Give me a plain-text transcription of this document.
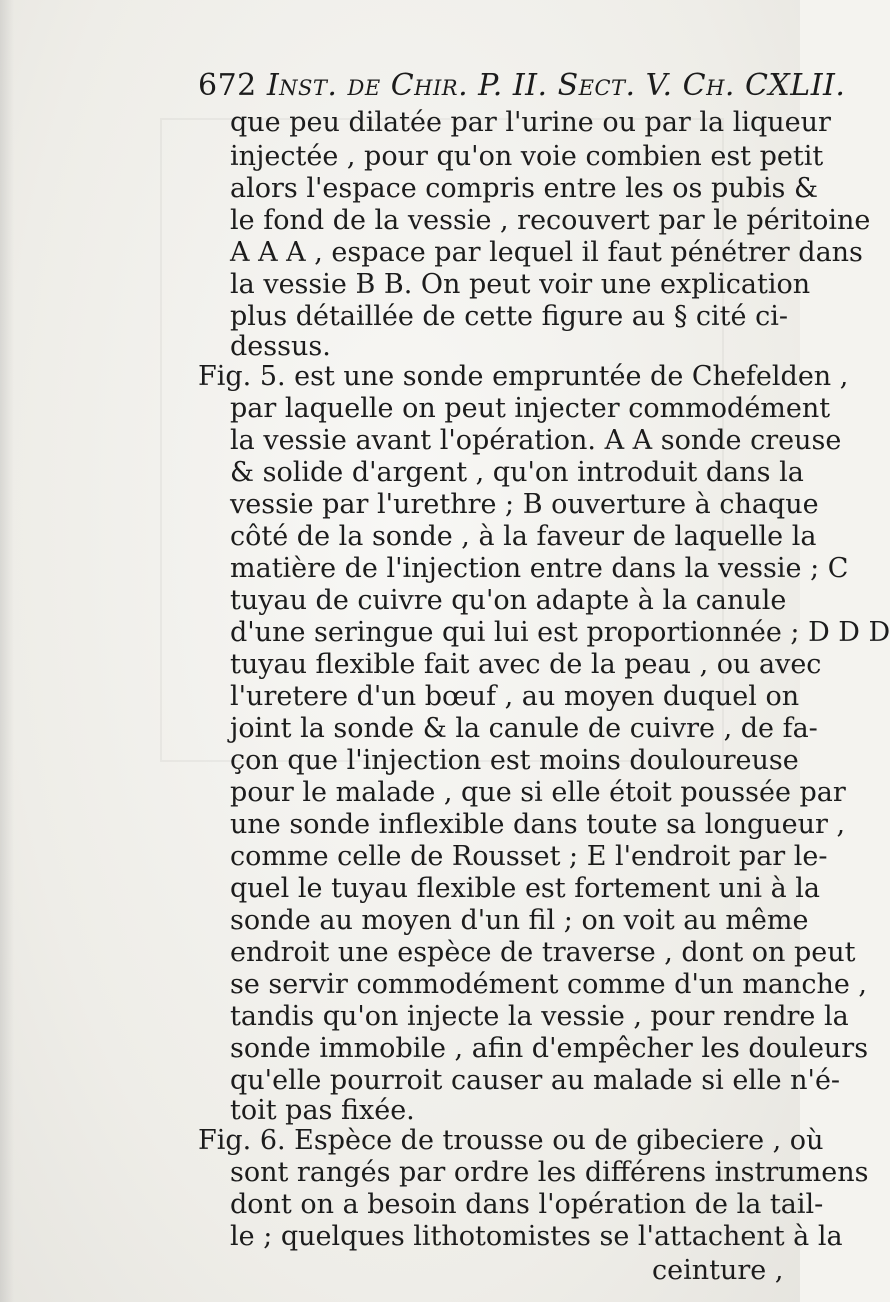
672 Inst. de Chir. P. II. Sect. V. Ch. CXLII.
que peu dilatée par l'urine ou par la liqueur
injectée , pour qu'on voie combien est petit
alors l'espace compris entre les os pubis &
le fond de la vessie , recouvert par le péritoine
A A A , espace par lequel il faut pénétrer dans
la vessie B B. On peut voir une explication
plus détaillée de cette figure au § cité ci-
dessus.
Fig. 5. est une sonde empruntée de Chefelden ,
par laquelle on peut injecter commodément
la vessie avant l'opération. A A sonde creuse
& solide d'argent , qu'on introduit dans la
vessie par l'urethre ; B ouverture à chaque
côté de la sonde , à la faveur de laquelle la
matière de l'injection entre dans la vessie ; C
tuyau de cuivre qu'on adapte à la canule
d'une seringue qui lui est proportionnée ; D D D
tuyau flexible fait avec de la peau , ou avec
l'uretere d'un bœuf , au moyen duquel on
joint la sonde & la canule de cuivre , de fa-
çon que l'injection est moins douloureuse
pour le malade , que si elle étoit poussée par
une sonde inflexible dans toute sa longueur ,
comme celle de Rousset ; E l'endroit par le-
quel le tuyau flexible est fortement uni à la
sonde au moyen d'un fil ; on voit au même
endroit une espèce de traverse , dont on peut
se servir commodément comme d'un manche ,
tandis qu'on injecte la vessie , pour rendre la
sonde immobile , afin d'empêcher les douleurs
qu'elle pourroit causer au malade si elle n'é-
toit pas fixée.
Fig. 6. Espèce de trousse ou de gibeciere , où
sont rangés par ordre les différens instrumens
dont on a besoin dans l'opération de la tail-
le ; quelques lithotomistes se l'attachent à la
ceinture ,
